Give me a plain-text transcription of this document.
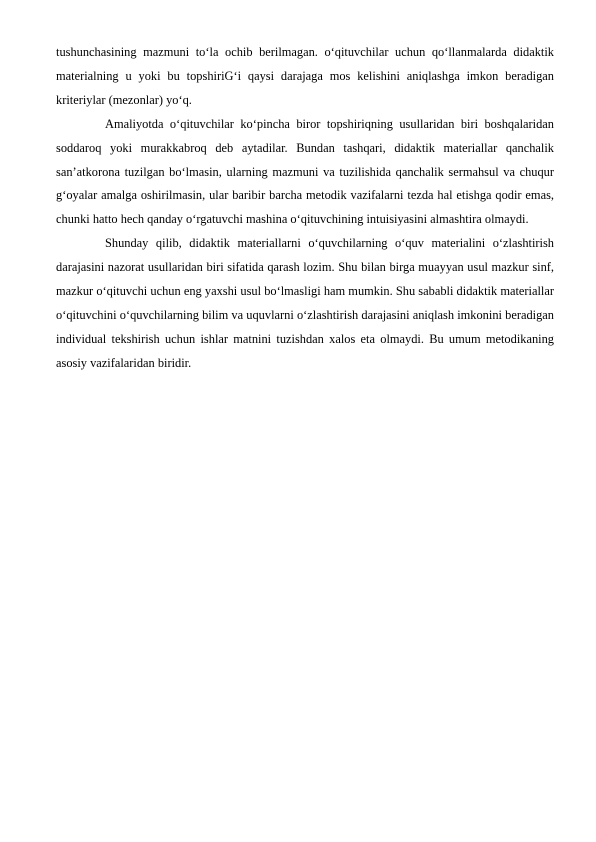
tushunchasining mazmuni to‘la ochib berilmagan. o‘qituvchilar uchun qo‘llanmalarda didaktik materialning u yoki bu topshiriG‘i qaysi darajaga mos kelishini aniqlashga imkon beradigan kriteriylar (mezonlar) yo‘q.

Amaliyotda o‘qituvchilar ko‘pincha biror topshiriqning usullaridan biri boshqalaridan soddaroq yoki murakkabroq deb aytadilar. Bundan tashqari, didaktik materiallar qanchalik san’atkorona tuzilgan bo‘lmasin, ularning mazmuni va tuzilishida qanchalik sermahsul va chuqur g‘oyalar amalga oshirilmasin, ular baribir barcha metodik vazifalarni tezda hal etishga qodir emas, chunki hatto hech qanday o‘rgatuvchi mashina o‘qituvchining intuisiyasini almashtira olmaydi.

Shunday qilib, didaktik materiallarni o‘quvchilarning o‘quv materialini o‘zlashtirish darajasini nazorat usullaridan biri sifatida qarash lozim. Shu bilan birga muayyan usul mazkur sinf, mazkur o‘qituvchi uchun eng yaxshi usul bo‘lmasligi ham mumkin. Shu sababli didaktik materiallar o‘qituvchini o‘quvchilarning bilim va uquvlarni o‘zlashtirish darajasini aniqlash imkonini beradigan individual tekshirish uchun ishlar matnini tuzishdan xalos eta olmaydi. Bu umum metodikaning asosiy vazifalaridan biridir.
